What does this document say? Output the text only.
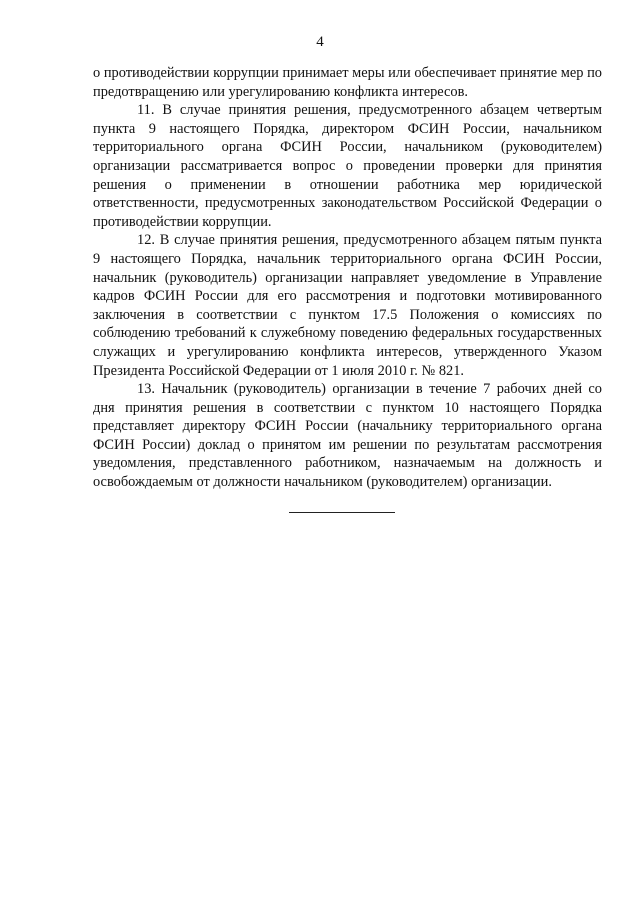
4

о противодействии коррупции принимает меры или обеспечивает принятие мер по предотвращению или урегулированию конфликта интересов.

11. В случае принятия решения, предусмотренного абзацем четвертым пункта 9 настоящего Порядка, директором ФСИН России, начальником территориального органа ФСИН России, начальником (руководителем) организации рассматривается вопрос о проведении проверки для принятия решения о применении в отношении работника мер юридической ответственности, предусмотренных законодательством Российской Федерации о противодействии коррупции.

12. В случае принятия решения, предусмотренного абзацем пятым пункта 9 настоящего Порядка, начальник территориального органа ФСИН России, начальник (руководитель) организации направляет уведомление в Управление кадров ФСИН России для его рассмотрения и подготовки мотивированного заключения в соответствии с пунктом 17.5 Положения о комиссиях по соблюдению требований к служебному поведению федеральных государственных служащих и урегулированию конфликта интересов, утвержденного Указом Президента Российской Федерации от 1 июля 2010 г. № 821.

13. Начальник (руководитель) организации в течение 7 рабочих дней со дня принятия решения в соответствии с пунктом 10 настоящего Порядка представляет директору ФСИН России (начальнику территориального органа ФСИН России) доклад о принятом им решении по результатам рассмотрения уведомления, представленного работником, назначаемым на должность и освобождаемым от должности начальником (руководителем) организации.
